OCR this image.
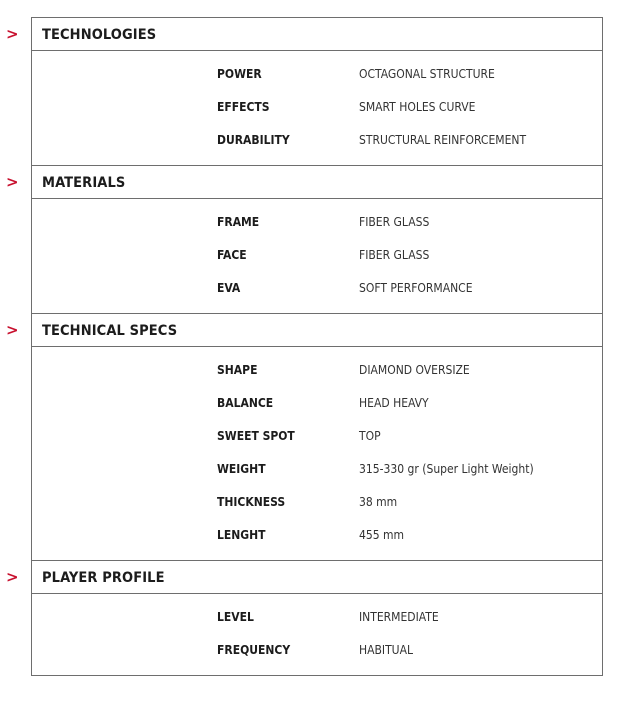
> TECHNOLOGIES
POWER	OCTAGONAL STRUCTURE
EFFECTS	SMART HOLES CURVE
DURABILITY	STRUCTURAL REINFORCEMENT
> MATERIALS
FRAME	FIBER GLASS
FACE	FIBER GLASS
EVA	SOFT PERFORMANCE
> TECHNICAL SPECS
SHAPE	DIAMOND OVERSIZE
BALANCE	HEAD HEAVY
SWEET SPOT	TOP
WEIGHT	315-330 gr (Super Light Weight)
THICKNESS	38 mm
LENGHT	455 mm
> PLAYER PROFILE
LEVEL	INTERMEDIATE
FREQUENCY	HABITUAL
